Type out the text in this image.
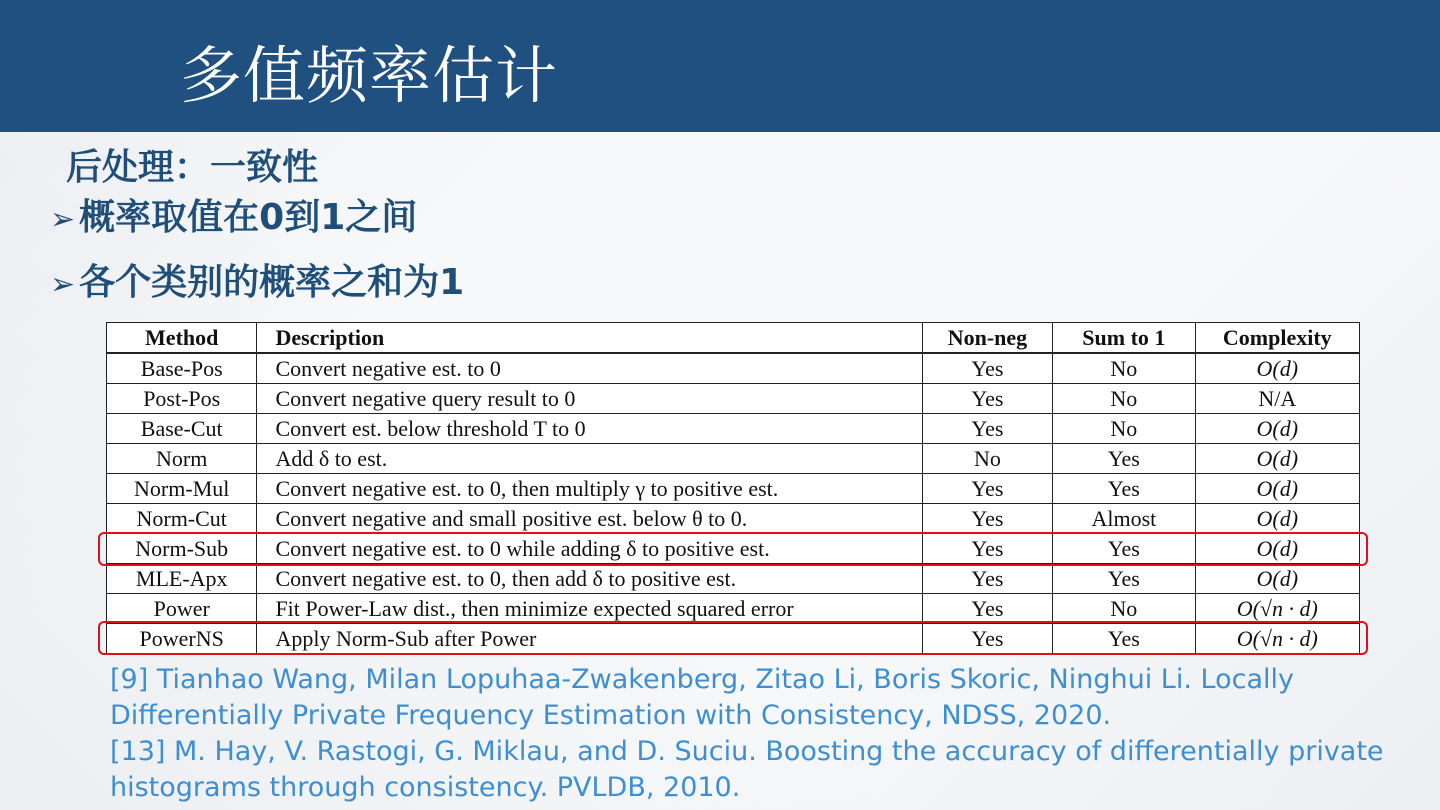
多值频率估计
后处理：一致性
➢ 概率取值在0到1之间
➢ 各个类别的概率之和为1
Method	Description	Non-neg	Sum to 1	Complexity
Base-Pos	Convert negative est. to 0	Yes	No	O(d)
Post-Pos	Convert negative query result to 0	Yes	No	N/A
Base-Cut	Convert est. below threshold T to 0	Yes	No	O(d)
Norm	Add δ to est.	No	Yes	O(d)
Norm-Mul	Convert negative est. to 0, then multiply γ to positive est.	Yes	Yes	O(d)
Norm-Cut	Convert negative and small positive est. below θ to 0.	Yes	Almost	O(d)
Norm-Sub	Convert negative est. to 0 while adding δ to positive est.	Yes	Yes	O(d)
MLE-Apx	Convert negative est. to 0, then add δ to positive est.	Yes	Yes	O(d)
Power	Fit Power-Law dist., then minimize expected squared error	Yes	No	O(√n · d)
PowerNS	Apply Norm-Sub after Power	Yes	Yes	O(√n · d)

[9] Tianhao Wang, Milan Lopuhaa-Zwakenberg, Zitao Li, Boris Skoric, Ninghui Li. Locally Differentially Private Frequency Estimation with Consistency, NDSS, 2020.

[13] M. Hay, V. Rastogi, G. Miklau, and D. Suciu. Boosting the accuracy of differentially private histograms through consistency. PVLDB, 2010.
